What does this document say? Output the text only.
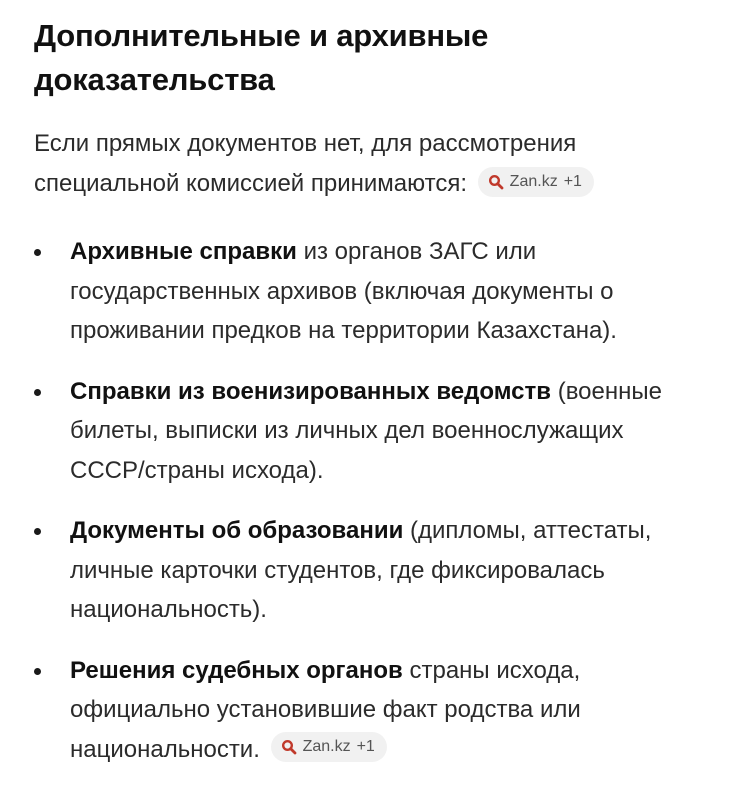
Дополнительные и архивные доказательства

Если прямых документов нет, для рассмотрения специальной комиссией принимаются:	Zan.kz +1

Архивные справки из органов ЗАГС или государственных архивов (включая документы о проживании предков на территории Казахстана).
Справки из военизированных ведомств (военные билеты, выписки из личных дел военнослужащих СССР/страны исхода).
Документы об образовании (дипломы, аттестаты, личные карточки студентов, где фиксировалась национальность).
Решения судебных органов страны исхода, официально установившие факт родства или национальности.	Zan.kz +1
